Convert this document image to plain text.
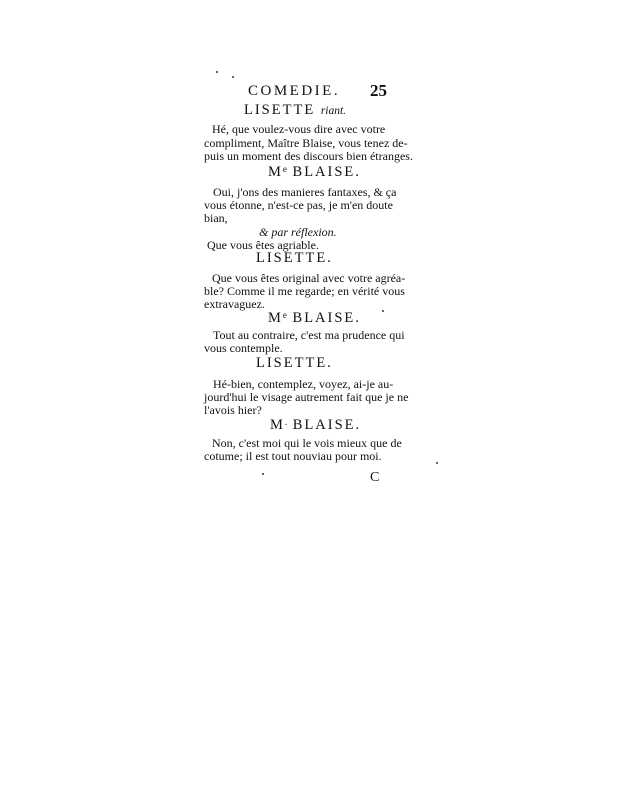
COMEDIE. 25
LISETTE riant.
Hé, que voulez-vous dire avec votre
compliment, Maître Blaise, vous tenez de-
puis un moment des discours bien étranges.
Me BLAISE.
Oui, j'ons des manieres fantaxes, & ça
vous étonne, n'est-ce pas, je m'en doute
bian,
& par réflexion.
Que vous êtes agriable.
LISETTE.
Que vous êtes original avec votre agréa-
ble? Comme il me regarde; en vérité vous
extravaguez.
Me BLAISE.
Tout au contraire, c'est ma prudence qui
vous contemple.
LISETTE.
Hé-bien, contemplez, voyez, ai-je au-
jourd'hui le visage autrement fait que je ne
l'avois hier?
M. BLAISE.
Non, c'est moi qui le vois mieux que de
cotume; il est tout nouviau pour moi.
C
